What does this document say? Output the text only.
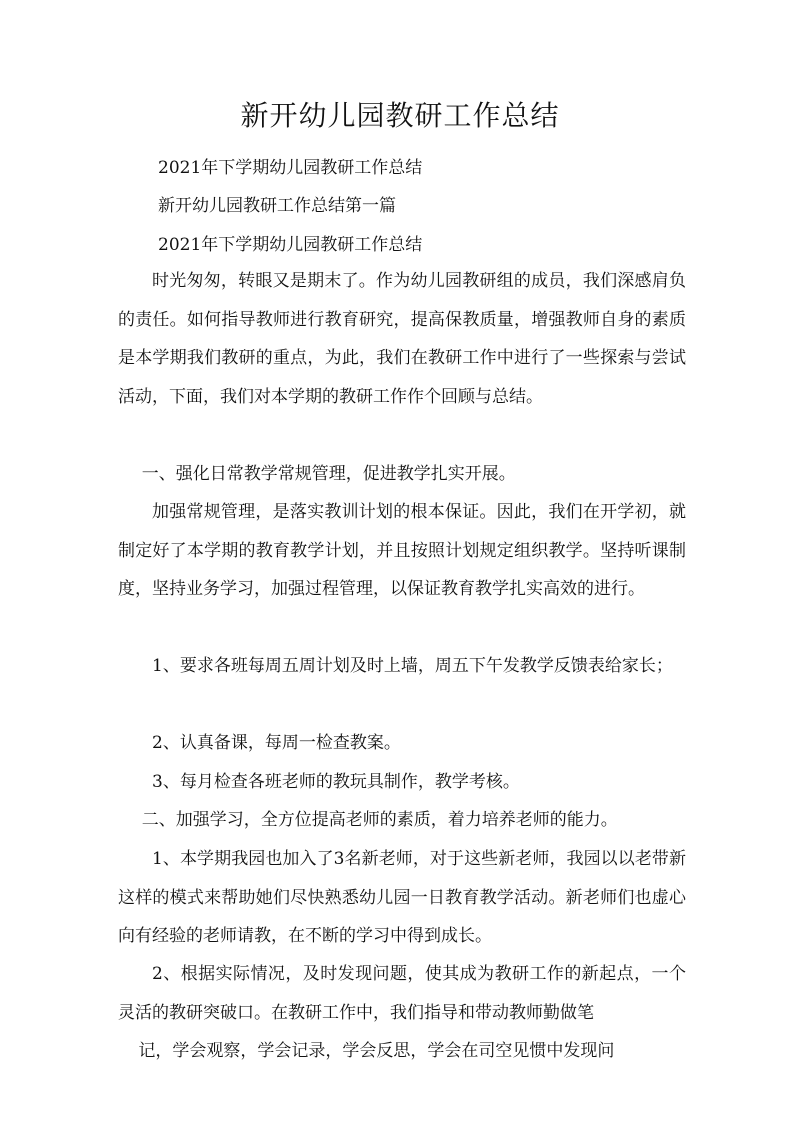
新开幼儿园教研工作总结
2021年下学期幼儿园教研工作总结
新开幼儿园教研工作总结第一篇
2021年下学期幼儿园教研工作总结

时光匆匆，转眼又是期末了。作为幼儿园教研组的成员，我们深感肩负的责任。如何指导教师进行教育研究，提高保教质量，增强教师自身的素质是本学期我们教研的重点，为此，我们在教研工作中进行了一些探索与尝试活动，下面，我们对本学期的教研工作作个回顾与总结。

一、强化日常教学常规管理，促进教学扎实开展。

加强常规管理，是落实教训计划的根本保证。因此，我们在开学初，就制定好了本学期的教育教学计划，并且按照计划规定组织教学。坚持听课制度，坚持业务学习，加强过程管理，以保证教育教学扎实高效的进行。

1、要求各班每周五周计划及时上墙，周五下午发教学反馈表给家长；

2、认真备课，每周一检查教案。

3、每月检查各班老师的教玩具制作，教学考核。

二、加强学习，全方位提高老师的素质，着力培养老师的能力。

1、本学期我园也加入了3名新老师，对于这些新老师，我园以以老带新这样的模式来帮助她们尽快熟悉幼儿园一日教育教学活动。新老师们也虚心向有经验的老师请教，在不断的学习中得到成长。

2、根据实际情况，及时发现问题，使其成为教研工作的新起点，一个灵活的教研突破口。在教研工作中，我们指导和带动教师勤做笔

记，学会观察，学会记录，学会反思，学会在司空见惯中发现问
